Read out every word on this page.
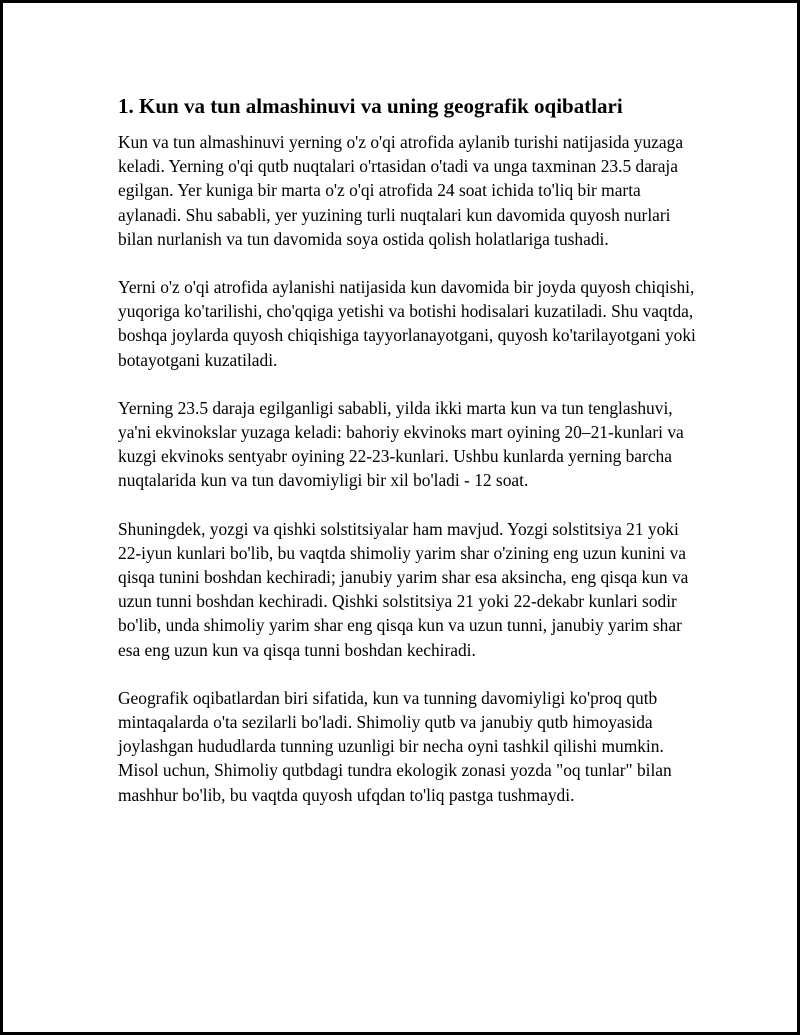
1. Kun va tun almashinuvi va uning geografik oqibatlari

Kun va tun almashinuvi yerning o'z o'qi atrofida aylanib turishi natijasida yuzaga keladi. Yerning o'qi qutb nuqtalari o'rtasidan o'tadi va unga taxminan 23.5 daraja egilgan. Yer kuniga bir marta o'z o'qi atrofida 24 soat ichida to'liq bir marta aylanadi. Shu sababli, yer yuzining turli nuqtalari kun davomida quyosh nurlari bilan nurlanish va tun davomida soya ostida qolish holatlariga tushadi.

Yerni o'z o'qi atrofida aylanishi natijasida kun davomida bir joyda quyosh chiqishi, yuqoriga ko'tarilishi, cho'qqiga yetishi va botishi hodisalari kuzatiladi. Shu vaqtda, boshqa joylarda quyosh chiqishiga tayyorlanayotgani, quyosh ko'tarilayotgani yoki botayotgani kuzatiladi.

Yerning 23.5 daraja egilganligi sababli, yilda ikki marta kun va tun tenglashuvi, ya'ni ekvinokslar yuzaga keladi: bahoriy ekvinoks mart oyining 20–21-kunlari va kuzgi ekvinoks sentyabr oyining 22-23-kunlari. Ushbu kunlarda yerning barcha nuqtalarida kun va tun davomiyligi bir xil bo'ladi - 12 soat.

Shuningdek, yozgi va qishki solstitsiyalar ham mavjud. Yozgi solstitsiya 21 yoki 22-iyun kunlari bo'lib, bu vaqtda shimoliy yarim shar o'zining eng uzun kunini va qisqa tunini boshdan kechiradi; janubiy yarim shar esa aksincha, eng qisqa kun va uzun tunni boshdan kechiradi. Qishki solstitsiya 21 yoki 22-dekabr kunlari sodir bo'lib, unda shimoliy yarim shar eng qisqa kun va uzun tunni, janubiy yarim shar esa eng uzun kun va qisqa tunni boshdan kechiradi.

Geografik oqibatlardan biri sifatida, kun va tunning davomiyligi ko'proq qutb mintaqalarda o'ta sezilarli bo'ladi. Shimoliy qutb va janubiy qutb himoyasida joylashgan hududlarda tunning uzunligi bir necha oyni tashkil qilishi mumkin. Misol uchun, Shimoliy qutbdagi tundra ekologik zonasi yozda "oq tunlar" bilan mashhur bo'lib, bu vaqtda quyosh ufqdan to'liq pastga tushmaydi.
